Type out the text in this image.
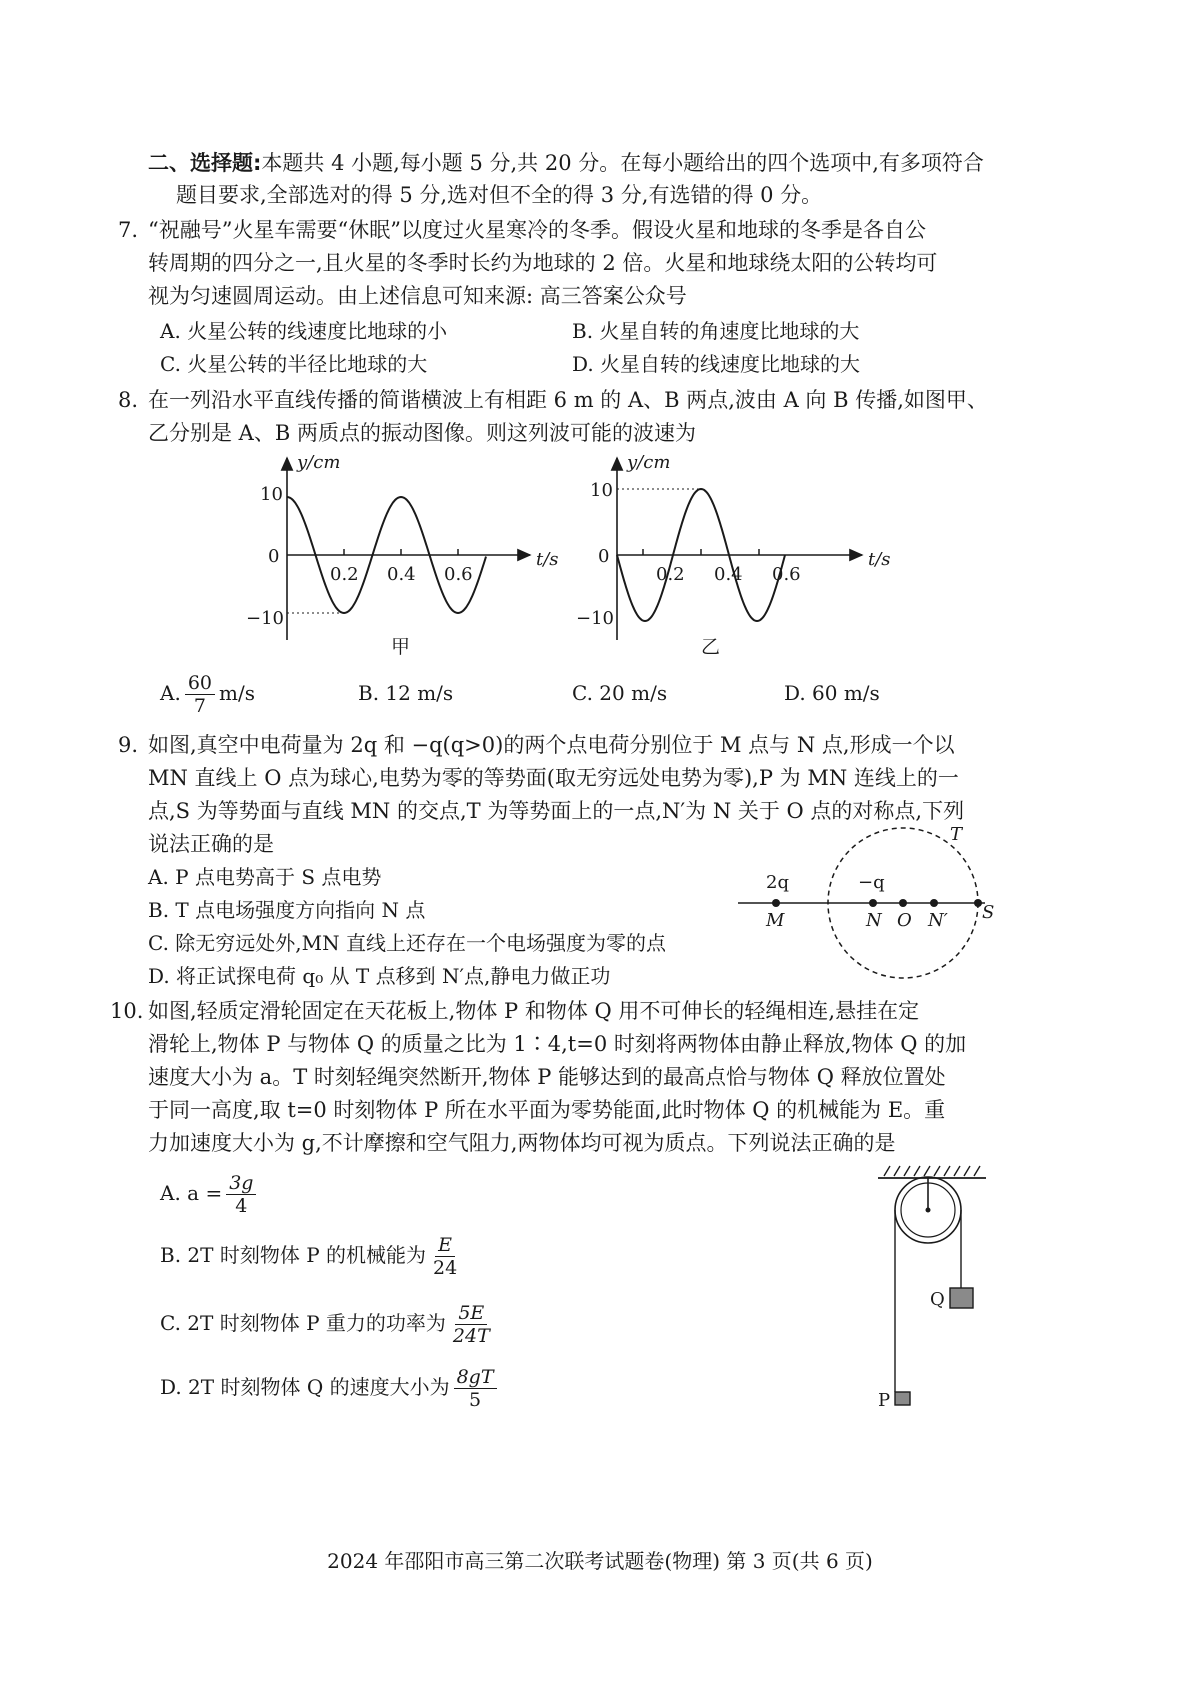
二、选择题:本题共 4 小题,每小题 5 分,共 20 分。在每小题给出的四个选项中,有多项符合
题目要求,全部选对的得 5 分,选对但不全的得 3 分,有选错的得 0 分。
7. “祝融号”火星车需要“休眠”以度过火星寒冷的冬季。假设火星和地球的冬季是各自公
转周期的四分之一,且火星的冬季时长约为地球的 2 倍。火星和地球绕太阳的公转均可
视为匀速圆周运动。由上述信息可知来源: 高三答案公众号
A. 火星公转的线速度比地球的小	B. 火星自转的角速度比地球的大
C. 火星公转的半径比地球的大	D. 火星自转的线速度比地球的大
8. 在一列沿水平直线传播的简谐横波上有相距 6 m 的 A、B 两点,波由 A 向 B 传播,如图甲、
乙分别是 A、B 两质点的振动图像。则这列波可能的波速为
y/cm
t/s
10
0
−10
0.2 0.4 0.6
甲
y/cm
t/s
10
0
−10
0.2 0.4 0.6
乙
A. $\frac{60}{7} m/s$	B. 12 m/s	C. 20 m/s	D. 60 m/s
9. 如图,真空中电荷量为 2q 和 −q(q>0)的两个点电荷分别位于 M 点与 N 点,形成一个以
MN 直线上 O 点为球心,电势为零的等势面(取无穷远处电势为零),P 为 MN 连线上的一
点,S 为等势面与直线 MN 的交点,T 为等势面上的一点,N′为 N 关于 O 点的对称点,下列
说法正确的是
A. P 点电势高于 S 点电势
B. T 点电场强度方向指向 N 点
C. 除无穷远处外,MN 直线上还存在一个电场强度为零的点
D. 将正试探电荷 q₀ 从 T 点移到 N′点,静电力做正功
T
2q	−q
M	N O N′ S
10. 如图,轻质定滑轮固定在天花板上,物体 P 和物体 Q 用不可伸长的轻绳相连,悬挂在定
滑轮上,物体 P 与物体 Q 的质量之比为 1∶4,t=0 时刻将两物体由静止释放,物体 Q 的加
速度大小为 a。T 时刻轻绳突然断开,物体 P 能够达到的最高点恰与物体 Q 释放位置处
于同一高度,取 t=0 时刻物体 P 所在水平面为零势能面,此时物体 Q 的机械能为 E。重
力加速度大小为 g,不计摩擦和空气阻力,两物体均可视为质点。下列说法正确的是
A. $a = \frac{3g}{4}$
B. 2T 时刻物体 P 的机械能为 $\frac{E}{24}$
C. 2T 时刻物体 P 重力的功率为 $\frac{5E}{24T}$
D. 2T 时刻物体 Q 的速度大小为 $\frac{8gT}{5}$
Q
P
2024 年邵阳市高三第二次联考试题卷(物理) 第 3 页(共 6 页)
